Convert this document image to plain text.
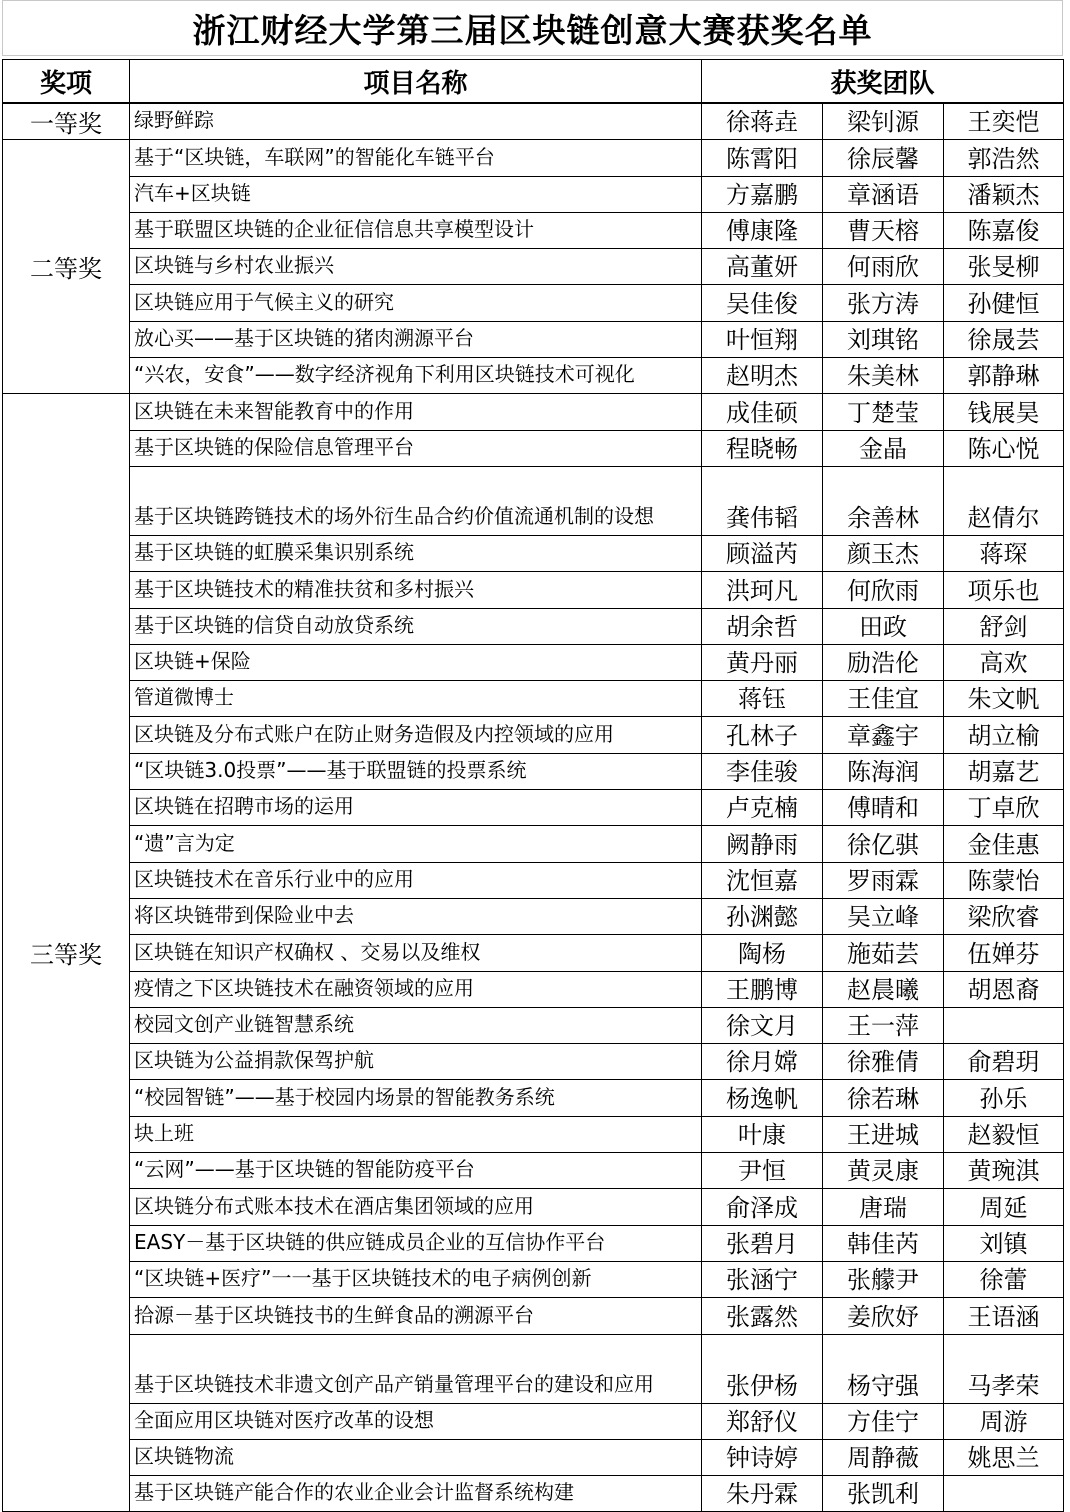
浙江财经大学第三届区块链创意大赛获奖名单
奖项	项目名称	获奖团队		
一等奖	绿野鲜踪	徐蒋垚	梁钊源	王奕恺
二等奖	基于“区块链，车联网”的智能化车链平台	陈霄阳	徐辰馨	郭浩然
	汽车+区块链	方嘉鹏	章涵语	潘颖杰
	基于联盟区块链的企业征信信息共享模型设计	傅康隆	曹天榕	陈嘉俊
	区块链与乡村农业振兴	高董妍	何雨欣	张旻柳
	区块链应用于气候主义的研究	吴佳俊	张方涛	孙健恒
	放心买——基于区块链的猪肉溯源平台	叶恒翔	刘琪铭	徐晟芸
	“兴农，安食”——数字经济视角下利用区块链技术可视化	赵明杰	朱美林	郭静琳
三等奖	区块链在未来智能教育中的作用	成佳硕	丁楚莹	钱展昊
	基于区块链的保险信息管理平台	程晓畅	金晶	陈心悦
	基于区块链跨链技术的场外衍生品合约价值流通机制的设想	龚伟韬	余善林	赵倩尔
	基于区块链的虹膜采集识别系统	顾溢芮	颜玉杰	蒋琛
	基于区块链技术的精准扶贫和多村振兴	洪珂凡	何欣雨	项乐也
	基于区块链的信贷自动放贷系统	胡余哲	田政	舒剑
	区块链+保险	黄丹丽	励浩伦	高欢
	管道微博士	蒋钰	王佳宜	朱文帆
	区块链及分布式账户在防止财务造假及内控领域的应用	孔林子	章鑫宇	胡立榆
	“区块链3.0投票”——基于联盟链的投票系统	李佳骏	陈海润	胡嘉艺
	区块链在招聘市场的运用	卢克楠	傅晴和	丁卓欣
	“遗”言为定	阙静雨	徐亿骐	金佳惠
	区块链技术在音乐行业中的应用	沈恒嘉	罗雨霖	陈蒙怡
	将区块链带到保险业中去	孙渊懿	吴立峰	梁欣睿
	区块链在知识产权确权 、交易以及维权	陶杨	施茹芸	伍婵芬
	疫情之下区块链技术在融资领域的应用	王鹏博	赵晨曦	胡恩裔
	校园文创产业链智慧系统	徐文月	王一萍	
	区块链为公益捐款保驾护航	徐月嫦	徐雅倩	俞碧玥
	“校园智链”——基于校园内场景的智能教务系统	杨逸帆	徐若琳	孙乐
	块上班	叶康	王进城	赵毅恒
	“云网”——基于区块链的智能防疫平台	尹恒	黄灵康	黄琬淇
	区块链分布式账本技术在酒店集团领域的应用	俞泽成	唐瑞	周延
	EASY－基于区块链的供应链成员企业的互信协作平台	张碧月	韩佳芮	刘镇
	“区块链+医疗”一一基于区块链技术的电子病例创新	张涵宁	张艨尹	徐蕾
	拾源－基于区块链技书的生鲜食品的溯源平台	张露然	姜欣妤	王语涵
	基于区块链技术非遗文创产品产销量管理平台的建设和应用	张伊杨	杨守强	马孝荣
	全面应用区块链对医疗改革的设想	郑舒仪	方佳宁	周游
	区块链物流	钟诗婷	周静薇	姚思兰
	基于区块链产能合作的农业企业会计监督系统构建	朱丹霖	张凯利	
